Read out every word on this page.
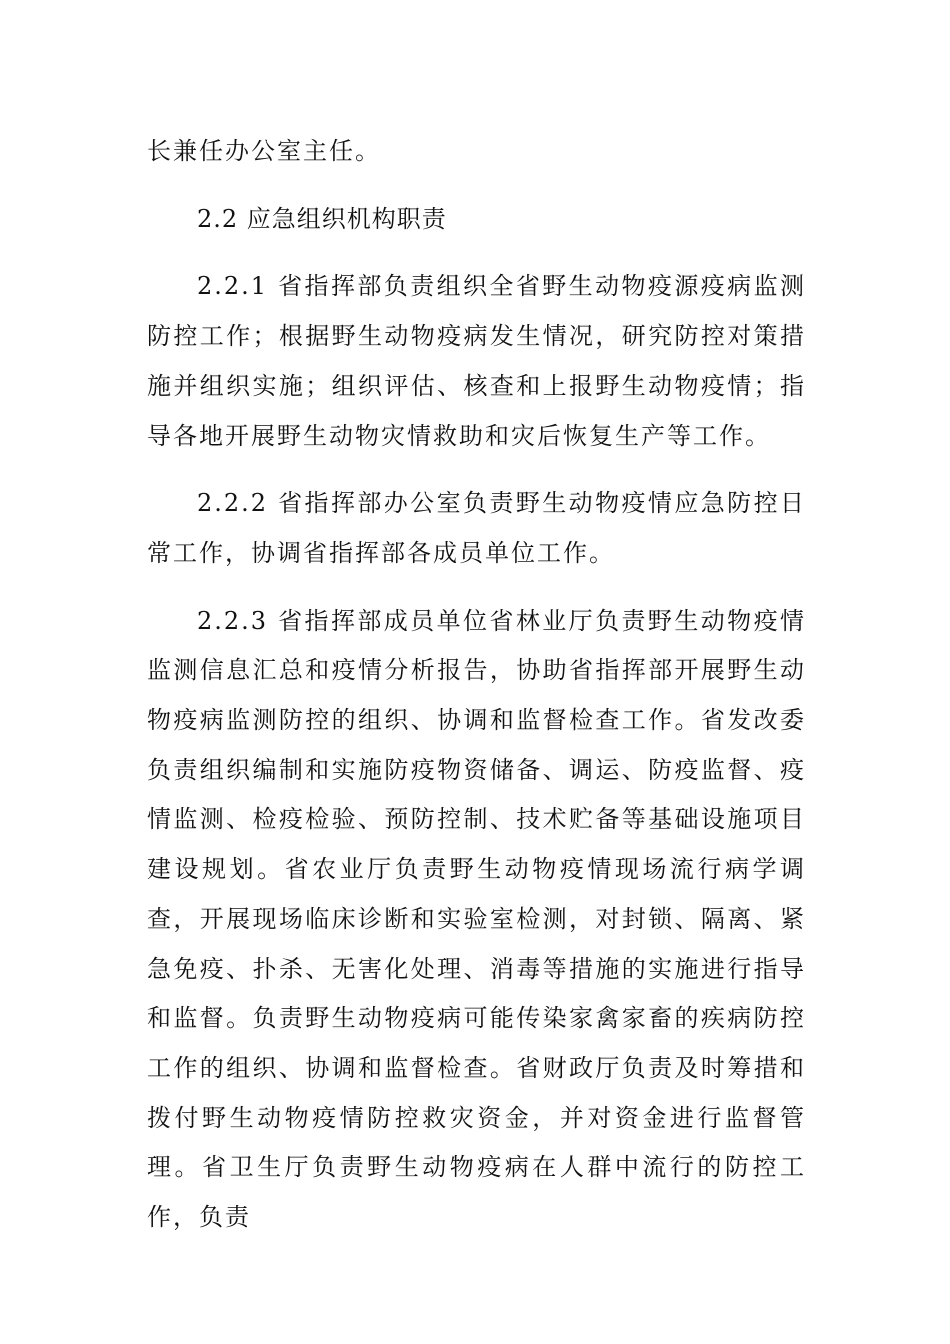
长兼任办公室主任。

2.2 应急组织机构职责

2.2.1 省指挥部负责组织全省野生动物疫源疫病监测防控工作；根据野生动物疫病发生情况，研究防控对策措施并组织实施；组织评估、核查和上报野生动物疫情；指导各地开展野生动物灾情救助和灾后恢复生产等工作。

2.2.2 省指挥部办公室负责野生动物疫情应急防控日常工作，协调省指挥部各成员单位工作。

2.2.3 省指挥部成员单位省林业厅负责野生动物疫情监测信息汇总和疫情分析报告，协助省指挥部开展野生动物疫病监测防控的组织、协调和监督检查工作。省发改委负责组织编制和实施防疫物资储备、调运、防疫监督、疫情监测、检疫检验、预防控制、技术贮备等基础设施项目建设规划。省农业厅负责野生动物疫情现场流行病学调查，开展现场临床诊断和实验室检测，对封锁、隔离、紧急免疫、扑杀、无害化处理、消毒等措施的实施进行指导和监督。负责野生动物疫病可能传染家禽家畜的疾病防控工作的组织、协调和监督检查。省财政厅负责及时筹措和拨付野生动物疫情防控救灾资金，并对资金进行监督管理。省卫生厅负责野生动物疫病在人群中流行的防控工作，负责
